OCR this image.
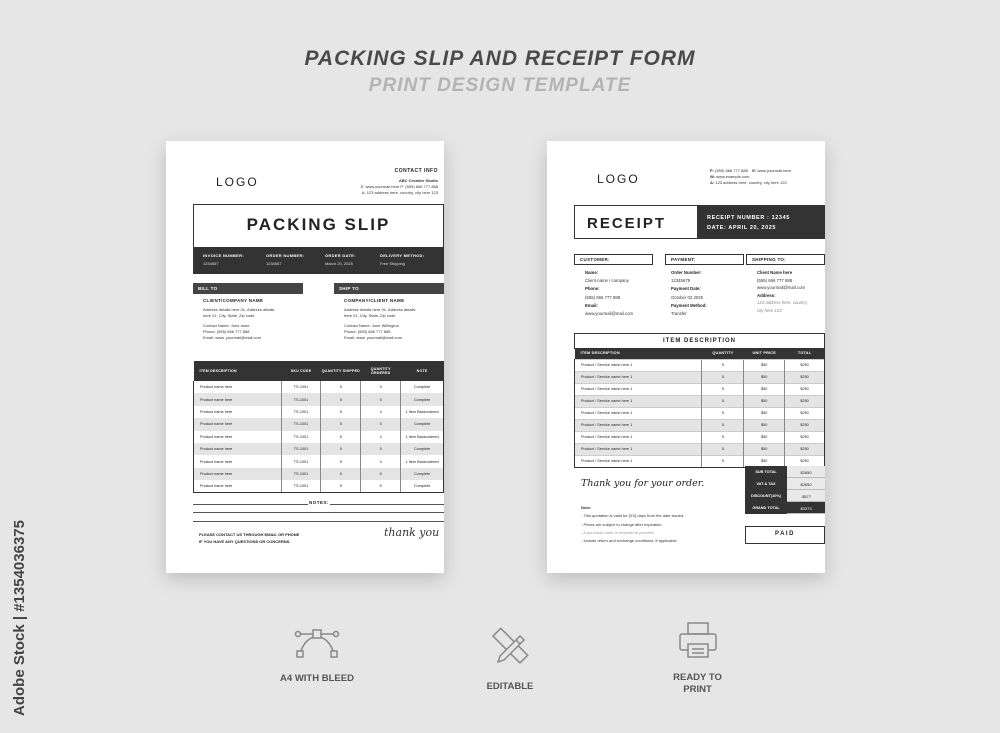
PACKING SLIP AND RECEIPT FORM
PRINT DESIGN TEMPLATE
Adobe Stock | #1354036375
LOGO
CONTACT INFO
ABC Creative Studio
E: www.yourmail.here P: (555) 666 777 888
A: 123 address here, country, city here 123
PACKING SLIP
INVOICE NUMBER:
1234567
ORDER NUMBER:
1234567
ORDER DATE:
March 20, 2025
DELIVERY METHOD:
Free Shipping
BILL TO	SHIP TO
CLIENT/COMPANY NAME

Address details here 01, Address details

here 01, City, State, Zip code

Contact Name: Jone done

Phone: (555) 666 777 888

Email: www. yourmail@mail.com

COMPANY/CLIENT NAME

Address details here 01, Address details

here 01, City, State, Zip code

Contact Name: Jone Willington

Phone: (555) 666 777 888

Email: www. yourmail@mail.com

ITEM DESCRIPTION	SKU CODE	QUANTITY SHIPPED	QUANTITY ORDERED	NOTE
Product name here	TS-1001	5	5	Complete
Product name here	TS-1001	5	5	Complete
Product name here	TS-1001	5	4	1 Item Backordered
Product name here	TS-1001	5	5	Complete
Product name here	TS-1001	5	4	1 Item Backordered
Product name here	TS-1001	5	5	Complete
Product name here	TS-1001	5	4	1 Item Backordered
Product name here	TS-1001	5	5	Complete
Product name here	TS-1001	5	5	Complete
NOTES:
PLEASE CONTACT US THROUGH EMAIL OR PHONE
IF YOU HAVE ANY QUESTIONS OR CONCERNS.
thank you
LOGO
P: (555) 666 777 888 E: www.yourmail.here
W: www.example.com
A: 123 address here, country, city here 123
RECEIPT	RECEIPT NUMBER : 12345
DATE: APRIL 20, 2025
CUSTOMER:	PAYMENT:	SHIPPING TO:
Name:
Client name / company
Phone:
(555) 666 777 888
Email:
www.yourmail@mail.com
Order Number:
12345679
Payment Date:
October 02 2025
Payment Method:
Transfer
Client Name here
(555) 666 777 888
www.yourmail@mail.com
Address:
123 address here, country,
city here 123
ITEM DESCRIPTION
ITEM DESCRIPTION	QUANTITY	UNIT PRICE	TOTAL
Product / Service name here 1	5	$50	$250
Product / Service name here 1	5	$50	$250
Product / Service name here 1	5	$50	$250
Product / Service name here 1	5	$50	$250
Product / Service name here 1	5	$50	$250
Product / Service name here 1	5	$50	$250
Product / Service name here 1	5	$50	$250
Product / Service name here 1	5	$50	$250
Product / Service name here 1	5	$50	$250
SUB TOTAL	$2850
VAT & TAX	$2850
DISCOUNT(10%)	-$577
GRAND TOTAL	$3373
Thank you for your order.
Note:
- This quotation is valid for [XX] days from the date issued.
- Prices are subject to change after expiration.
- A purchase order is required to proceed.
- Include return and exchange conditions, if applicable.
PAID
A4 WITH BLEED
EDITABLE
READY TO PRINT
